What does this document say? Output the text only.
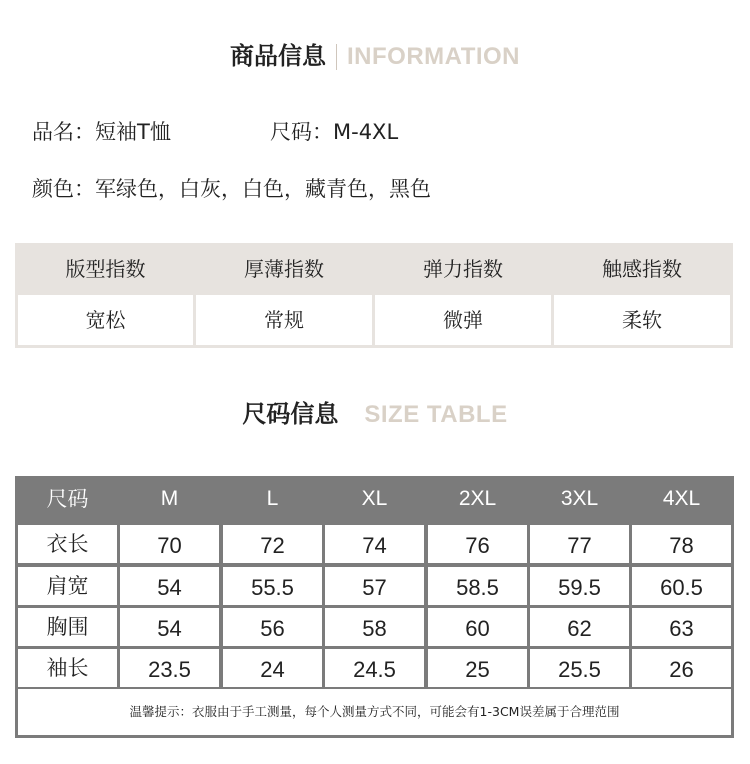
商品信息 INFORMATION
品名：短袖T恤	尺码：M-4XL
颜色：军绿色，白灰，白色，藏青色，黑色
版型指数	厚薄指数	弹力指数	触感指数
宽松	常规	微弹	柔软
尺码信息 SIZE TABLE
温馨提示：衣服由于手工测量，每个人测量方式不同，可能会有1-3CM误差属于合理范围
尺码	M	L	XL	2XL	3XL	4XL
衣长	70	72	74	76	77	78
肩宽	54	55.5	57	58.5	59.5	60.5
胸围	54	56	58	60	62	63
袖长	23.5	24	24.5	25	25.5	26
